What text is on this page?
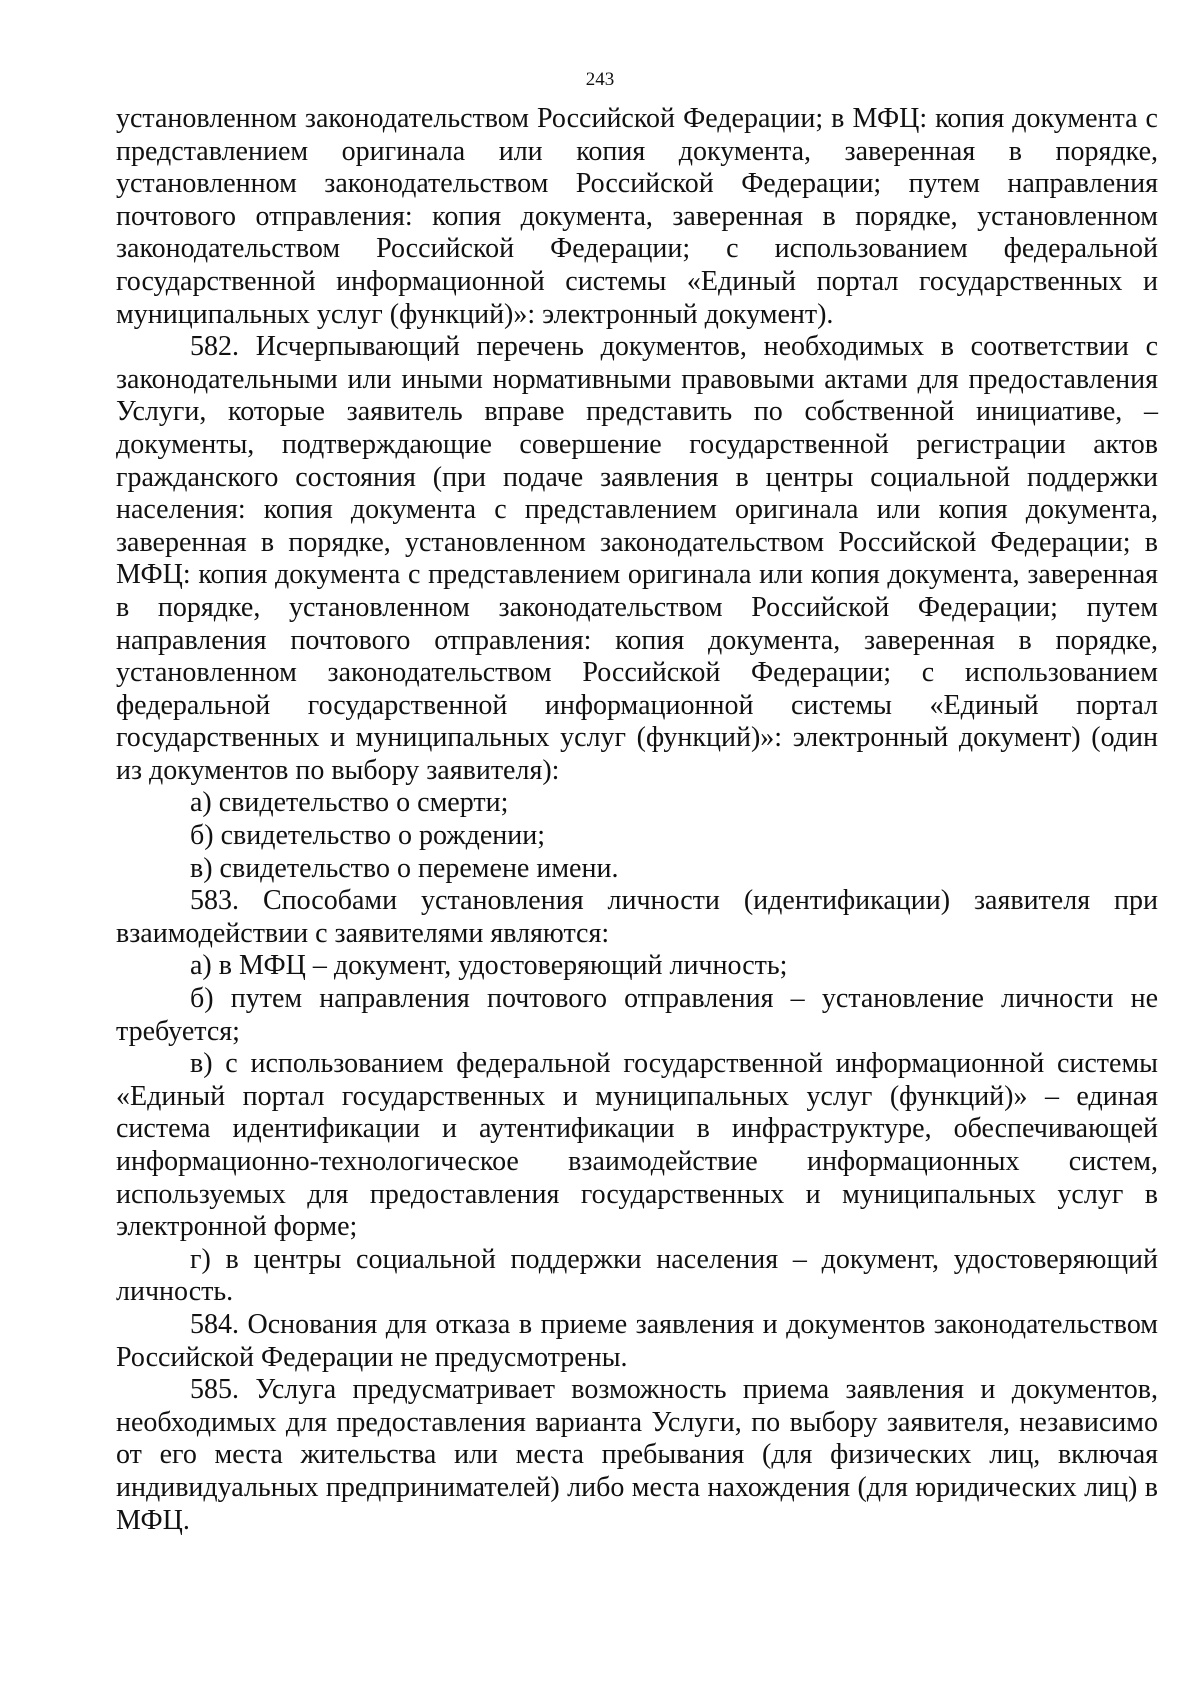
243

установленном законодательством Российской Федерации; в МФЦ: копия документа с представлением оригинала или копия документа, заверенная в порядке, установленном законодательством Российской Федерации; путем направления почтового отправления: копия документа, заверенная в порядке, установленном законодательством Российской Федерации; с использованием федеральной государственной информационной системы «Единый портал государственных и муниципальных услуг (функций)»: электронный документ).

582. Исчерпывающий перечень документов, необходимых в соответствии с законодательными или иными нормативными правовыми актами для предоставления Услуги, которые заявитель вправе представить по собственной инициативе, – документы, подтверждающие совершение государственной регистрации актов гражданского состояния (при подаче заявления в центры социальной поддержки населения: копия документа с представлением оригинала или копия документа, заверенная в порядке, установленном законодательством Российской Федерации; в МФЦ: копия документа с представлением оригинала или копия документа, заверенная в порядке, установленном законодательством Российской Федерации; путем направления почтового отправления: копия документа, заверенная в порядке, установленном законодательством Российской Федерации; с использованием федеральной государственной информационной системы «Единый портал государственных и муниципальных услуг (функций)»: электронный документ) (один из документов по выбору заявителя):

а) свидетельство о смерти;

б) свидетельство о рождении;

в) свидетельство о перемене имени.

583. Способами установления личности (идентификации) заявителя при взаимодействии с заявителями являются:

а) в МФЦ – документ, удостоверяющий личность;

б) путем направления почтового отправления – установление личности не требуется;

в) с использованием федеральной государственной информационной системы «Единый портал государственных и муниципальных услуг (функций)» – единая система идентификации и аутентификации в инфраструктуре, обеспечивающей информационно-технологическое взаимодействие информационных систем, используемых для предоставления государственных и муниципальных услуг в электронной форме;

г) в центры социальной поддержки населения – документ, удостоверяющий личность.

584. Основания для отказа в приеме заявления и документов законодательством Российской Федерации не предусмотрены.

585. Услуга предусматривает возможность приема заявления и документов, необходимых для предоставления варианта Услуги, по выбору заявителя, независимо от его места жительства или места пребывания (для физических лиц, включая индивидуальных предпринимателей) либо места нахождения (для юридических лиц) в МФЦ.
